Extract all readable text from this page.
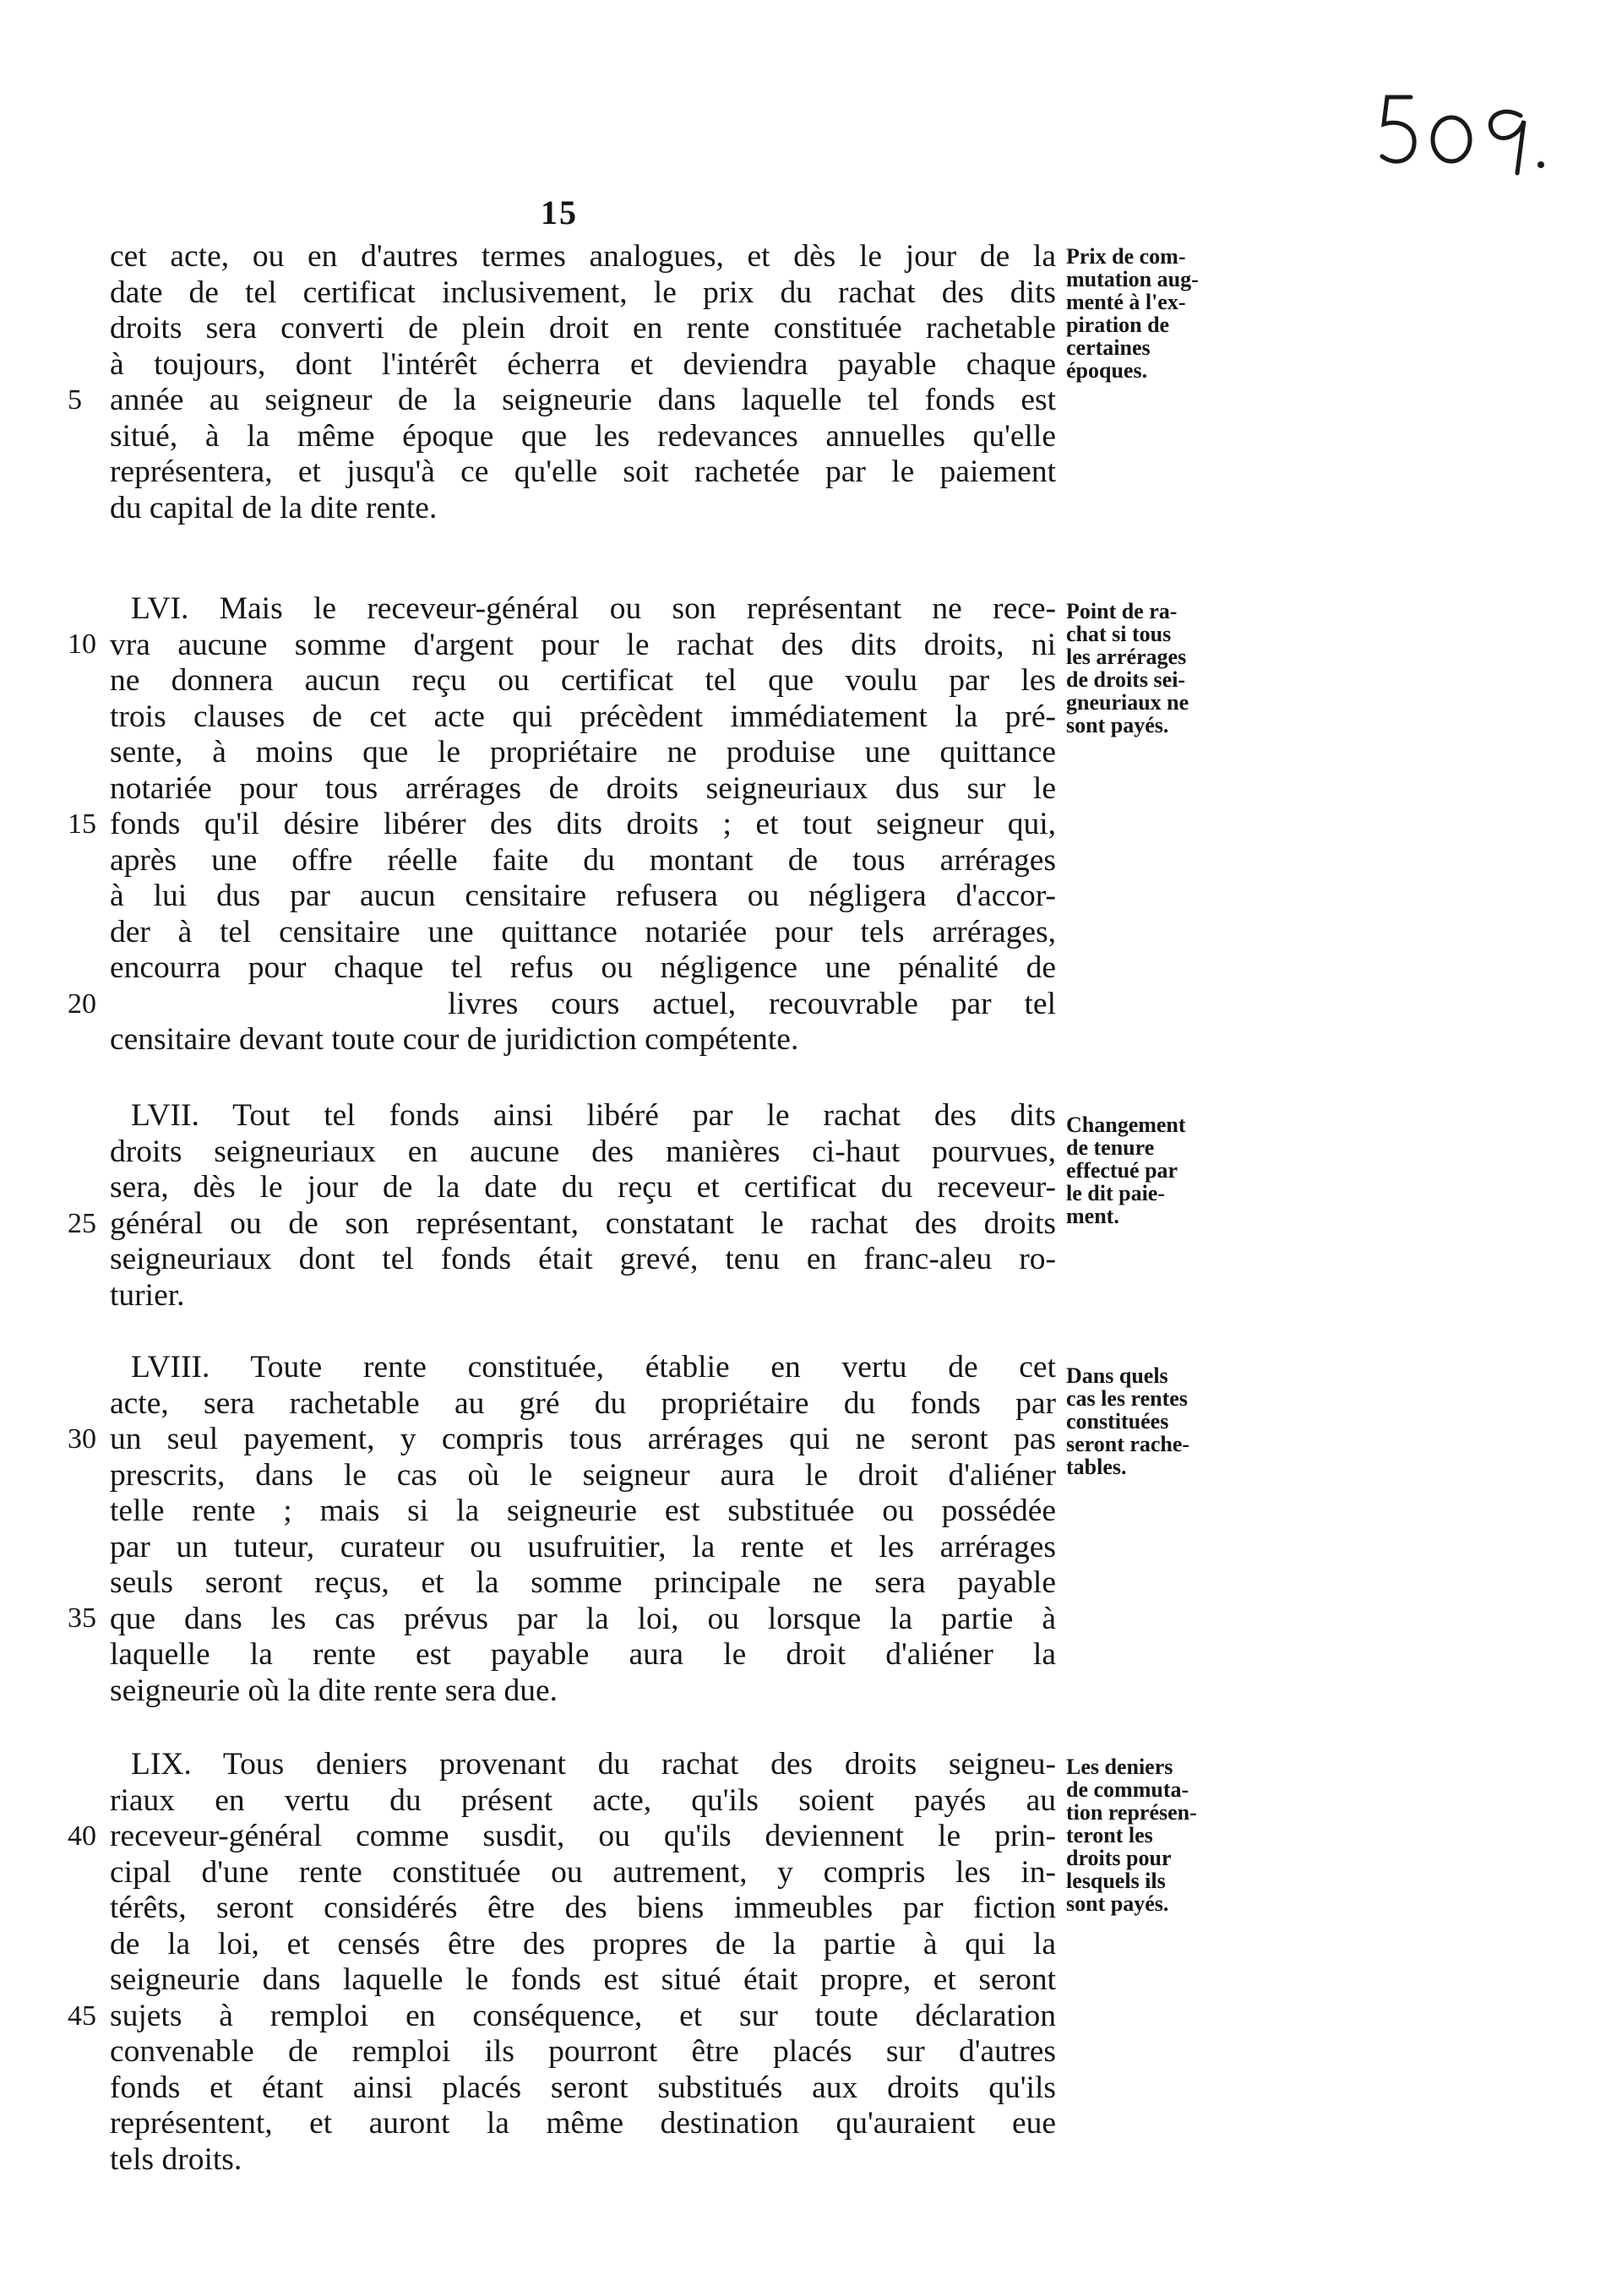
15
cet acte, ou en d'autres termes analogues, et dès le jour de la
date de tel certificat inclusivement, le prix du rachat des dits
droits sera converti de plein droit en rente constituée rachetable
à toujours, dont l'intérêt écherra et deviendra payable chaque
année au seigneur de la seigneurie dans laquelle tel fonds est
situé, à la même époque que les redevances annuelles qu'elle
représentera, et jusqu'à ce qu'elle soit rachetée par le paiement
du capital de la dite rente.
Prix de com-
mutation aug-
menté à l'ex-
piration de
certaines
époques.
LVI. Mais le receveur-général ou son représentant ne rece-
vra aucune somme d'argent pour le rachat des dits droits, ni
ne donnera aucun reçu ou certificat tel que voulu par les
trois clauses de cet acte qui précèdent immédiatement la pré-
sente, à moins que le propriétaire ne produise une quittance
notariée pour tous arrérages de droits seigneuriaux dus sur le
fonds qu'il désire libérer des dits droits ; et tout seigneur qui,
après une offre réelle faite du montant de tous arrérages
à lui dus par aucun censitaire refusera ou négligera d'accor-
der à tel censitaire une quittance notariée pour tels arrérages,
encourra pour chaque tel refus ou négligence une pénalité de
livres cours actuel, recouvrable par tel
censitaire devant toute cour de juridiction compétente.
Point de ra-
chat si tous
les arrérages
de droits sei-
gneuriaux ne
sont payés.
LVII. Tout tel fonds ainsi libéré par le rachat des dits
droits seigneuriaux en aucune des manières ci-haut pourvues,
sera, dès le jour de la date du reçu et certificat du receveur-
général ou de son représentant, constatant le rachat des droits
seigneuriaux dont tel fonds était grevé, tenu en franc-aleu ro-
turier.
Changement
de tenure
effectué par
le dit paie-
ment.
LVIII. Toute rente constituée, établie en vertu de cet
acte, sera rachetable au gré du propriétaire du fonds par
un seul payement, y compris tous arrérages qui ne seront pas
prescrits, dans le cas où le seigneur aura le droit d'aliéner
telle rente ; mais si la seigneurie est substituée ou possédée
par un tuteur, curateur ou usufruitier, la rente et les arrérages
seuls seront reçus, et la somme principale ne sera payable
que dans les cas prévus par la loi, ou lorsque la partie à
laquelle la rente est payable aura le droit d'aliéner la
seigneurie où la dite rente sera due.
Dans quels
cas les rentes
constituées
seront rache-
tables.
LIX. Tous deniers provenant du rachat des droits seigneu-
riaux en vertu du présent acte, qu'ils soient payés au
receveur-général comme susdit, ou qu'ils deviennent le prin-
cipal d'une rente constituée ou autrement, y compris les in-
térêts, seront considérés être des biens immeubles par fiction
de la loi, et censés être des propres de la partie à qui la
seigneurie dans laquelle le fonds est situé était propre, et seront
sujets à remploi en conséquence, et sur toute déclaration
convenable de remploi ils pourront être placés sur d'autres
fonds et étant ainsi placés seront substitués aux droits qu'ils
représentent, et auront la même destination qu'auraient eue
tels droits.
Les deniers
de commuta-
tion représen-
teront les
droits pour
lesquels ils
sont payés.
5
10
15
20
25
30
35
40
45
